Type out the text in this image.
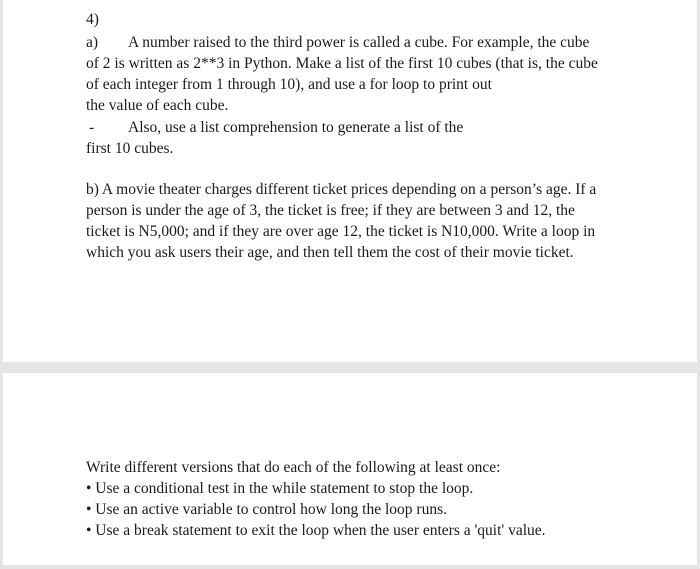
4)
a) A number raised to the third power is called a cube. For example, the cube
of 2 is written as 2**3 in Python. Make a list of the first 10 cubes (that is, the cube
of each integer from 1 through 10), and use a for loop to print out
the value of each cube.
- Also, use a list comprehension to generate a list of the
first 10 cubes.
b) A movie theater charges different ticket prices depending on a person’s age. If a
person is under the age of 3, the ticket is free; if they are between 3 and 12, the
ticket is N5,000; and if they are over age 12, the ticket is N10,000. Write a loop in
which you ask users their age, and then tell them the cost of their movie ticket.
Write different versions that do each of the following at least once:
• Use a conditional test in the while statement to stop the loop.
• Use an active variable to control how long the loop runs.
• Use a break statement to exit the loop when the user enters a 'quit' value.
